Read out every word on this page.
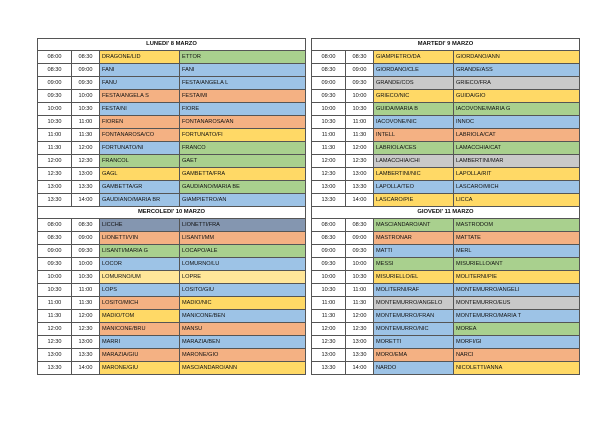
LUNEDI' 8 MARZO			
08:00	08:30	DRAGONE/LID	ETTOR
08:30	09:00	FANI	FANI
09:00	09:30	FANU	FESTA/ANGELA L
09:30	10:00	FESTA/ANGELA S	FESTA/MI
10:00	10:30	FESTA/NI	FIORE
10:30	11:00	FIOREN	FONTANAROSA/AN
11:00	11:30	FONTANAROSA/CO	FORTUNATO/FI
11:30	12:00	FORTUNATO/NI	FRANCO
12:00	12:30	FRANCOL	GAET
12:30	13:00	GAGL	GAMBETTA/FRA
13:00	13:30	GAMBETTA/GR	GAUDIANO/MARIA BE
13:30	14:00	GAUDIANO/MARIA BR	GIAMPIETRO/AN
MARTEDI' 9 MARZO			
08:00	08:30	GIAMPIETRO/DA	GIORDANO/ANN
08:30	09:00	GIORDANO/CLE	GRANDE/ASS
09:00	09:30	GRANDE/COS	GRIECO/FRA
09:30	10:00	GRIECO/NIC	GUIDA/GIO
10:00	10:30	GUIDA/MARIA B	IACOVONE/MARIA G
10:30	11:00	IACOVONE/NIC	INNOC
11:00	11:30	INTELL	LABRIOLA/CAT
11:30	12:00	LABRIOLA/CES	LAMACCHIA/CAT
12:00	12:30	LAMACCHIA/CHI	LAMBERTINI/MAR
12:30	13:00	LAMBERTINI/NIC	LAPOLLA/RIT
13:00	13:30	LAPOLLA/TEO	LASCARO/MICH
13:30	14:00	LASCARO/PIE	LICCA
MERCOLEDI' 10 MARZO			
08:00	08:30	LICCHE	LIONETTI/FRA
08:30	09:00	LIONETTI/VIN	LISANTI/MM
09:00	09:30	LISANTI/MARIA G	LOCAPO/ALE
09:30	10:00	LOCOR	LOMURNO/LU
10:00	10:30	LOMURNO/UM	LOPRE
10:30	11:00	LOPS	LOSITO/GIU
11:00	11:30	LOSITO/MICH	MADIO/NIC
11:30	12:00	MADIO/TOM	MANICONE/BEN
12:00	12:30	MANICONE/BRU	MANSU
12:30	13:00	MARRI	MARAZIA/BEN
13:00	13:30	MARAZIA/GIU	MARONE/GIO
13:30	14:00	MARONE/GIU	MASCIANDARO/ANN
GIOVEDI' 11 MARZO			
08:00	08:30	MASCIANDARO/ANT	MASTRODOM
08:30	09:00	MASTRONAR	MATTATE
09:00	09:30	MATTI	MERL
09:30	10:00	MESSI	MISURIELLO/ANT
10:00	10:30	MISURIELLO/EL	MOLITERNI/PIE
10:30	11:00	MOLITERNI/RAF	MONTEMURRO/ANGELI
11:00	11:30	MONTEMURRO/ANGELO	MONTEMURRO/EUS
11:30	12:00	MONTEMURRO/FRAN	MONTEMURRO/MARIA T
12:00	12:30	MONTEMURRO/NIC	MOREA
12:30	13:00	MORETTI	MORFI/GI
13:00	13:30	MORO/EMA	NARCI
13:30	14:00	NARDO	NICOLETTI/ANNA
